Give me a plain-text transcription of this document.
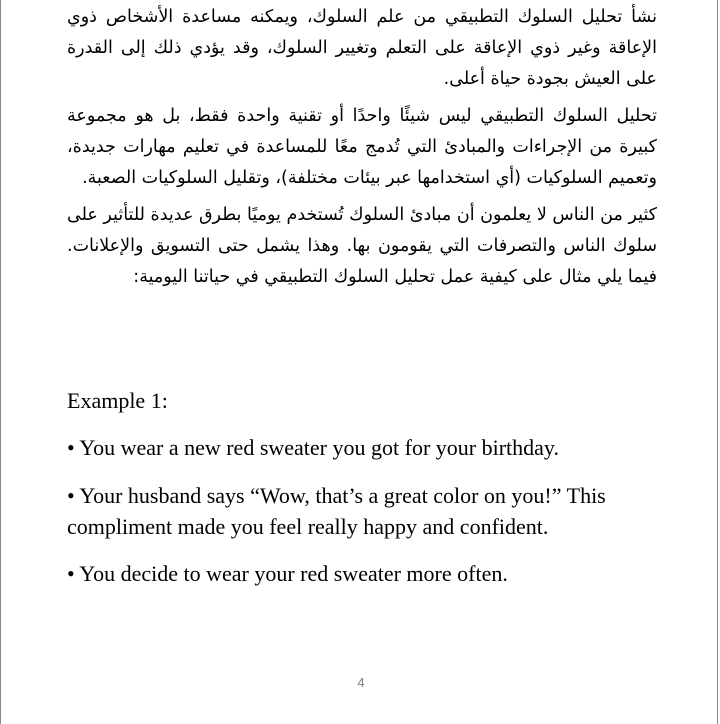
نشأ تحليل السلوك التطبيقي من علم السلوك، ويمكنه مساعدة الأشخاص ذوي الإعاقة وغير ذوي الإعاقة على التعلم وتغيير السلوك، وقد يؤدي ذلك إلى القدرة على العيش بجودة حياة أعلى.

تحليل السلوك التطبيقي ليس شيئًا واحدًا أو تقنية واحدة فقط، بل هو مجموعة كبيرة من الإجراءات والمبادئ التي تُدمج معًا للمساعدة في تعليم مهارات جديدة، وتعميم السلوكيات (أي استخدامها عبر بيئات مختلفة)، وتقليل السلوكيات الصعبة.

كثير من الناس لا يعلمون أن مبادئ السلوك تُستخدم يوميًا بطرق عديدة للتأثير على سلوك الناس والتصرفات التي يقومون بها. وهذا يشمل حتى التسويق والإعلانات. فيما يلي مثال على كيفية عمل تحليل السلوك التطبيقي في حياتنا اليومية:

Example 1:

• You wear a new red sweater you got for your birthday.

• Your husband says “Wow, that’s a great color on you!” This compliment made you feel really happy and confident.

• You decide to wear your red sweater more often.

4
